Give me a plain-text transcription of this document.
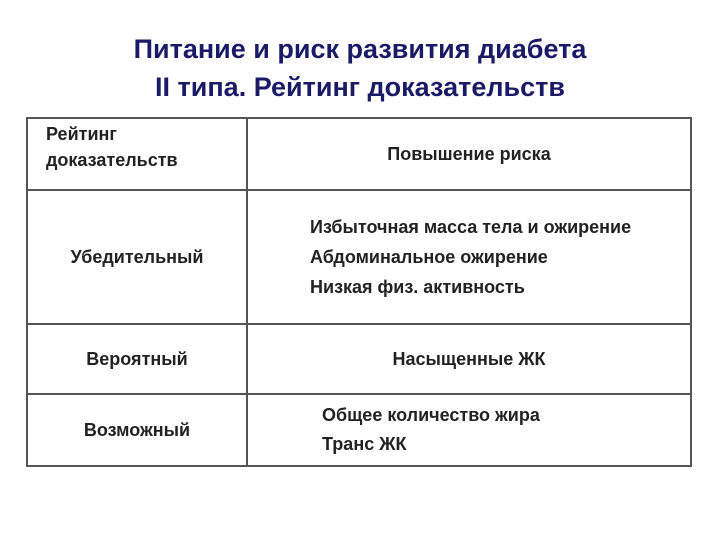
Питание и риск развития диабета
II типа. Рейтинг доказательств
Рейтинг
доказательств	Повышение риска
Убедительный	Избыточная масса тела и ожирение
Абдоминальное ожирение
Низкая физ. активность

Вероятный	Насыщенные ЖК
Возможный	Общее количество жира
Транс ЖК
